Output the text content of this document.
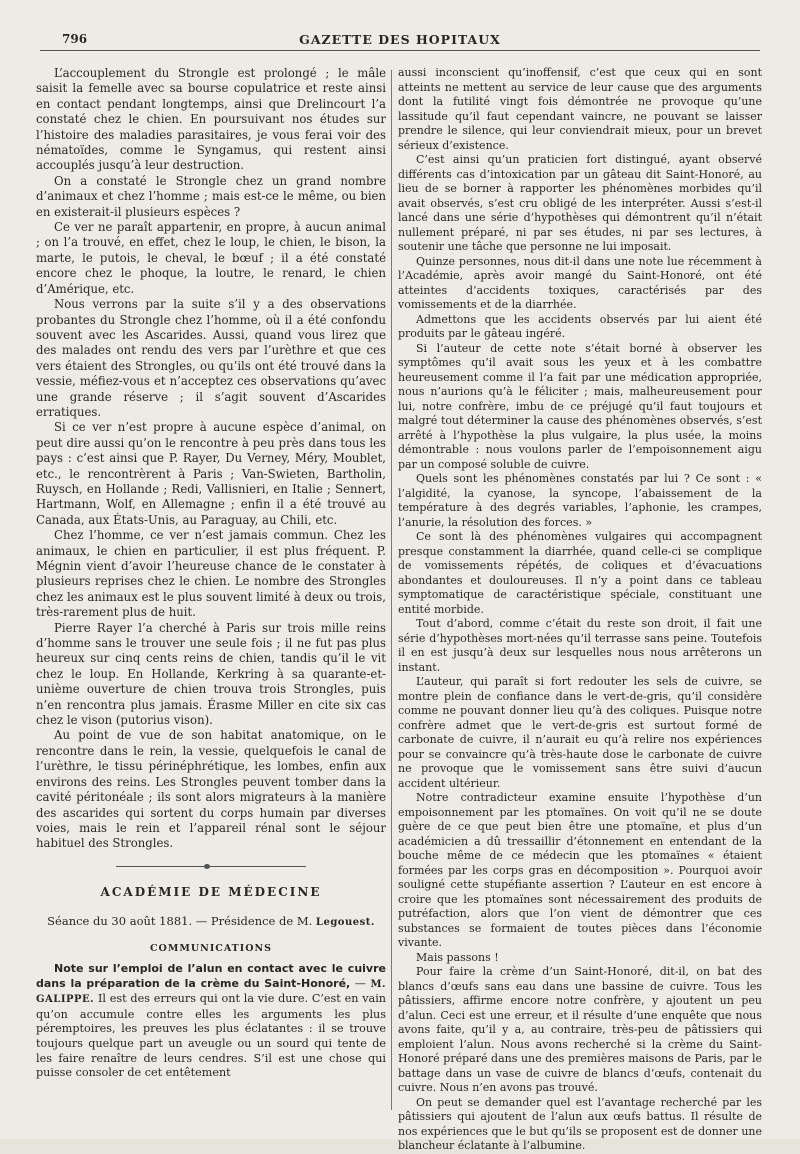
796	GAZETTE DES HOPITAUX

L’accouplement du Strongle est prolongé ; le mâle saisit la femelle avec sa bourse copulatrice et reste ainsi en contact pendant longtemps, ainsi que Drelincourt l’a constaté chez le chien. En poursuivant nos études sur l’histoire des maladies parasitaires, je vous ferai voir des nématoïdes, comme le Syngamus, qui restent ainsi accouplés jusqu’à leur destruction.

On a constaté le Strongle chez un grand nombre d’animaux et chez l’homme ; mais est-ce le même, ou bien en existerait-il plusieurs espèces ?

Ce ver ne paraît appartenir, en propre, à aucun animal ; on l’a trouvé, en effet, chez le loup, le chien, le bison, la marte, le putois, le cheval, le bœuf ; il a été constaté encore chez le phoque, la loutre, le renard, le chien d’Amérique, etc.

Nous verrons par la suite s’il y a des observations probantes du Strongle chez l’homme, où il a été confondu souvent avec les Ascarides. Aussi, quand vous lirez que des malades ont rendu des vers par l’urèthre et que ces vers étaient des Strongles, ou qu’ils ont été trouvé dans la vessie, méfiez-vous et n’acceptez ces observations qu’avec une grande réserve ; il s’agit souvent d’Ascarides erratiques.

Si ce ver n’est propre à aucune espèce d’animal, on peut dire aussi qu’on le rencontre à peu près dans tous les pays : c’est ainsi que P. Rayer, Du Verney, Méry, Moublet, etc., le rencontrèrent à Paris ; Van-Swieten, Bartholin, Ruysch, en Hollande ; Redi, Vallisnieri, en Italie ; Sennert, Hartmann, Wolf, en Allemagne ; enfin il a été trouvé au Canada, aux États-Unis, au Paraguay, au Chili, etc.

Chez l’homme, ce ver n’est jamais commun. Chez les animaux, le chien en particulier, il est plus fréquent. P. Mégnin vient d’avoir l’heureuse chance de le constater à plusieurs reprises chez le chien. Le nombre des Strongles chez les animaux est le plus souvent limité à deux ou trois, très-rarement plus de huit.

Pierre Rayer l’a cherché à Paris sur trois mille reins d’homme sans le trouver une seule fois ; il ne fut pas plus heureux sur cinq cents reins de chien, tandis qu’il le vit chez le loup. En Hollande, Kerkring à sa quarante-et-unième ouverture de chien trouva trois Strongles, puis n’en rencontra plus jamais. Érasme Miller en cite six cas chez le vison (putorius vison).

Au point de vue de son habitat anatomique, on le rencontre dans le rein, la vessie, quelquefois le canal de l’urèthre, le tissu périnéphrétique, les lombes, enfin aux environs des reins. Les Strongles peuvent tomber dans la cavité péritonéale ; ils sont alors migrateurs à la manière des ascarides qui sortent du corps humain par diverses voies, mais le rein et l’appareil rénal sont le séjour habituel des Strongles.

ACADÉMIE DE MÉDECINE
Séance du 30 août 1881. — Présidence de M. Legouest.
COMMUNICATIONS

Note sur l’emploi de l’alun en contact avec le cuivre dans la préparation de la crème du Saint-Honoré, — M. GALIPPE. Il est des erreurs qui ont la vie dure. C’est en vain qu’on accumule contre elles les arguments les plus péremptoires, les preuves les plus éclatantes : il se trouve toujours quelque part un aveugle ou un sourd qui tente de les faire renaître de leurs cendres. S’il est une chose qui puisse consoler de cet entêtement

aussi inconscient qu’inoffensif, c’est que ceux qui en sont atteints ne mettent au service de leur cause que des arguments dont la futilité vingt fois démontrée ne provoque qu’une lassitude qu’il faut cependant vaincre, ne pouvant se laisser prendre le silence, qui leur conviendrait mieux, pour un brevet sérieux d’existence.

C’est ainsi qu’un praticien fort distingué, ayant observé différents cas d’intoxication par un gâteau dit Saint-Honoré, au lieu de se borner à rapporter les phénomènes morbides qu’il avait observés, s’est cru obligé de les interpréter. Aussi s’est-il lancé dans une série d’hypothèses qui démontrent qu’il n’était nullement préparé, ni par ses études, ni par ses lectures, à soutenir une tâche que personne ne lui imposait.

Quinze personnes, nous dit-il dans une note lue récemment à l’Académie, après avoir mangé du Saint-Honoré, ont été atteintes d’accidents toxiques, caractérisés par des vomissements et de la diarrhée.

Admettons que les accidents observés par lui aient été produits par le gâteau ingéré.

Si l’auteur de cette note s’était borné à observer les symptômes qu’il avait sous les yeux et à les combattre heureusement comme il l’a fait par une médication appropriée, nous n’aurions qu’à le féliciter ; mais, malheureusement pour lui, notre confrère, imbu de ce préjugé qu’il faut toujours et malgré tout déterminer la cause des phénomènes observés, s’est arrêté à l’hypothèse la plus vulgaire, la plus usée, la moins démontrable : nous voulons parler de l’empoisonnement aigu par un composé soluble de cuivre.

Quels sont les phénomènes constatés par lui ? Ce sont : « l’algidité, la cyanose, la syncope, l’abaissement de la température à des degrés variables, l’aphonie, les crampes, l’anurie, la résolution des forces. »

Ce sont là des phénomènes vulgaires qui accompagnent presque constamment la diarrhée, quand celle-ci se complique de vomissements répétés, de coliques et d’évacuations abondantes et douloureuses. Il n’y a point dans ce tableau symptomatique de caractéristique spéciale, constituant une entité morbide.

Tout d’abord, comme c’était du reste son droit, il fait une série d’hypothèses mort-nées qu’il terrasse sans peine. Toutefois il en est jusqu’à deux sur lesquelles nous nous arrêterons un instant.

L’auteur, qui paraît si fort redouter les sels de cuivre, se montre plein de confiance dans le vert-de-gris, qu’il considère comme ne pouvant donner lieu qu’à des coliques. Puisque notre confrère admet que le vert-de-gris est surtout formé de carbonate de cuivre, il n’aurait eu qu’à relire nos expériences pour se convaincre qu’à très-haute dose le carbonate de cuivre ne provoque que le vomissement sans être suivi d’aucun accident ultérieur.

Notre contradicteur examine ensuite l’hypothèse d’un empoisonnement par les ptomaïnes. On voit qu’il ne se doute guère de ce que peut bien être une ptomaïne, et plus d’un académicien a dû tressaillir d’étonnement en entendant de la bouche même de ce médecin que les ptomaïnes « étaient formées par les corps gras en décomposition ». Pourquoi avoir souligné cette stupéfiante assertion ? L’auteur en est encore à croire que les ptomaïnes sont nécessairement des produits de putréfaction, alors que l’on vient de démontrer que ces substances se formaient de toutes pièces dans l’économie vivante.

Mais passons !

Pour faire la crème d’un Saint-Honoré, dit-il, on bat des blancs d’œufs sans eau dans une bassine de cuivre. Tous les pâtissiers, affirme encore notre confrère, y ajoutent un peu d’alun. Ceci est une erreur, et il résulte d’une enquête que nous avons faite, qu’il y a, au contraire, très-peu de pâtissiers qui emploient l’alun. Nous avons recherché si la crème du Saint-Honoré préparé dans une des premières maisons de Paris, par le battage dans un vase de cuivre de blancs d’œufs, contenait du cuivre. Nous n’en avons pas trouvé.

On peut se demander quel est l’avantage recherché par les pâtissiers qui ajoutent de l’alun aux œufs battus. Il résulte de nos expériences que le but qu’ils se proposent est de donner une blancheur éclatante à l’albumine.
